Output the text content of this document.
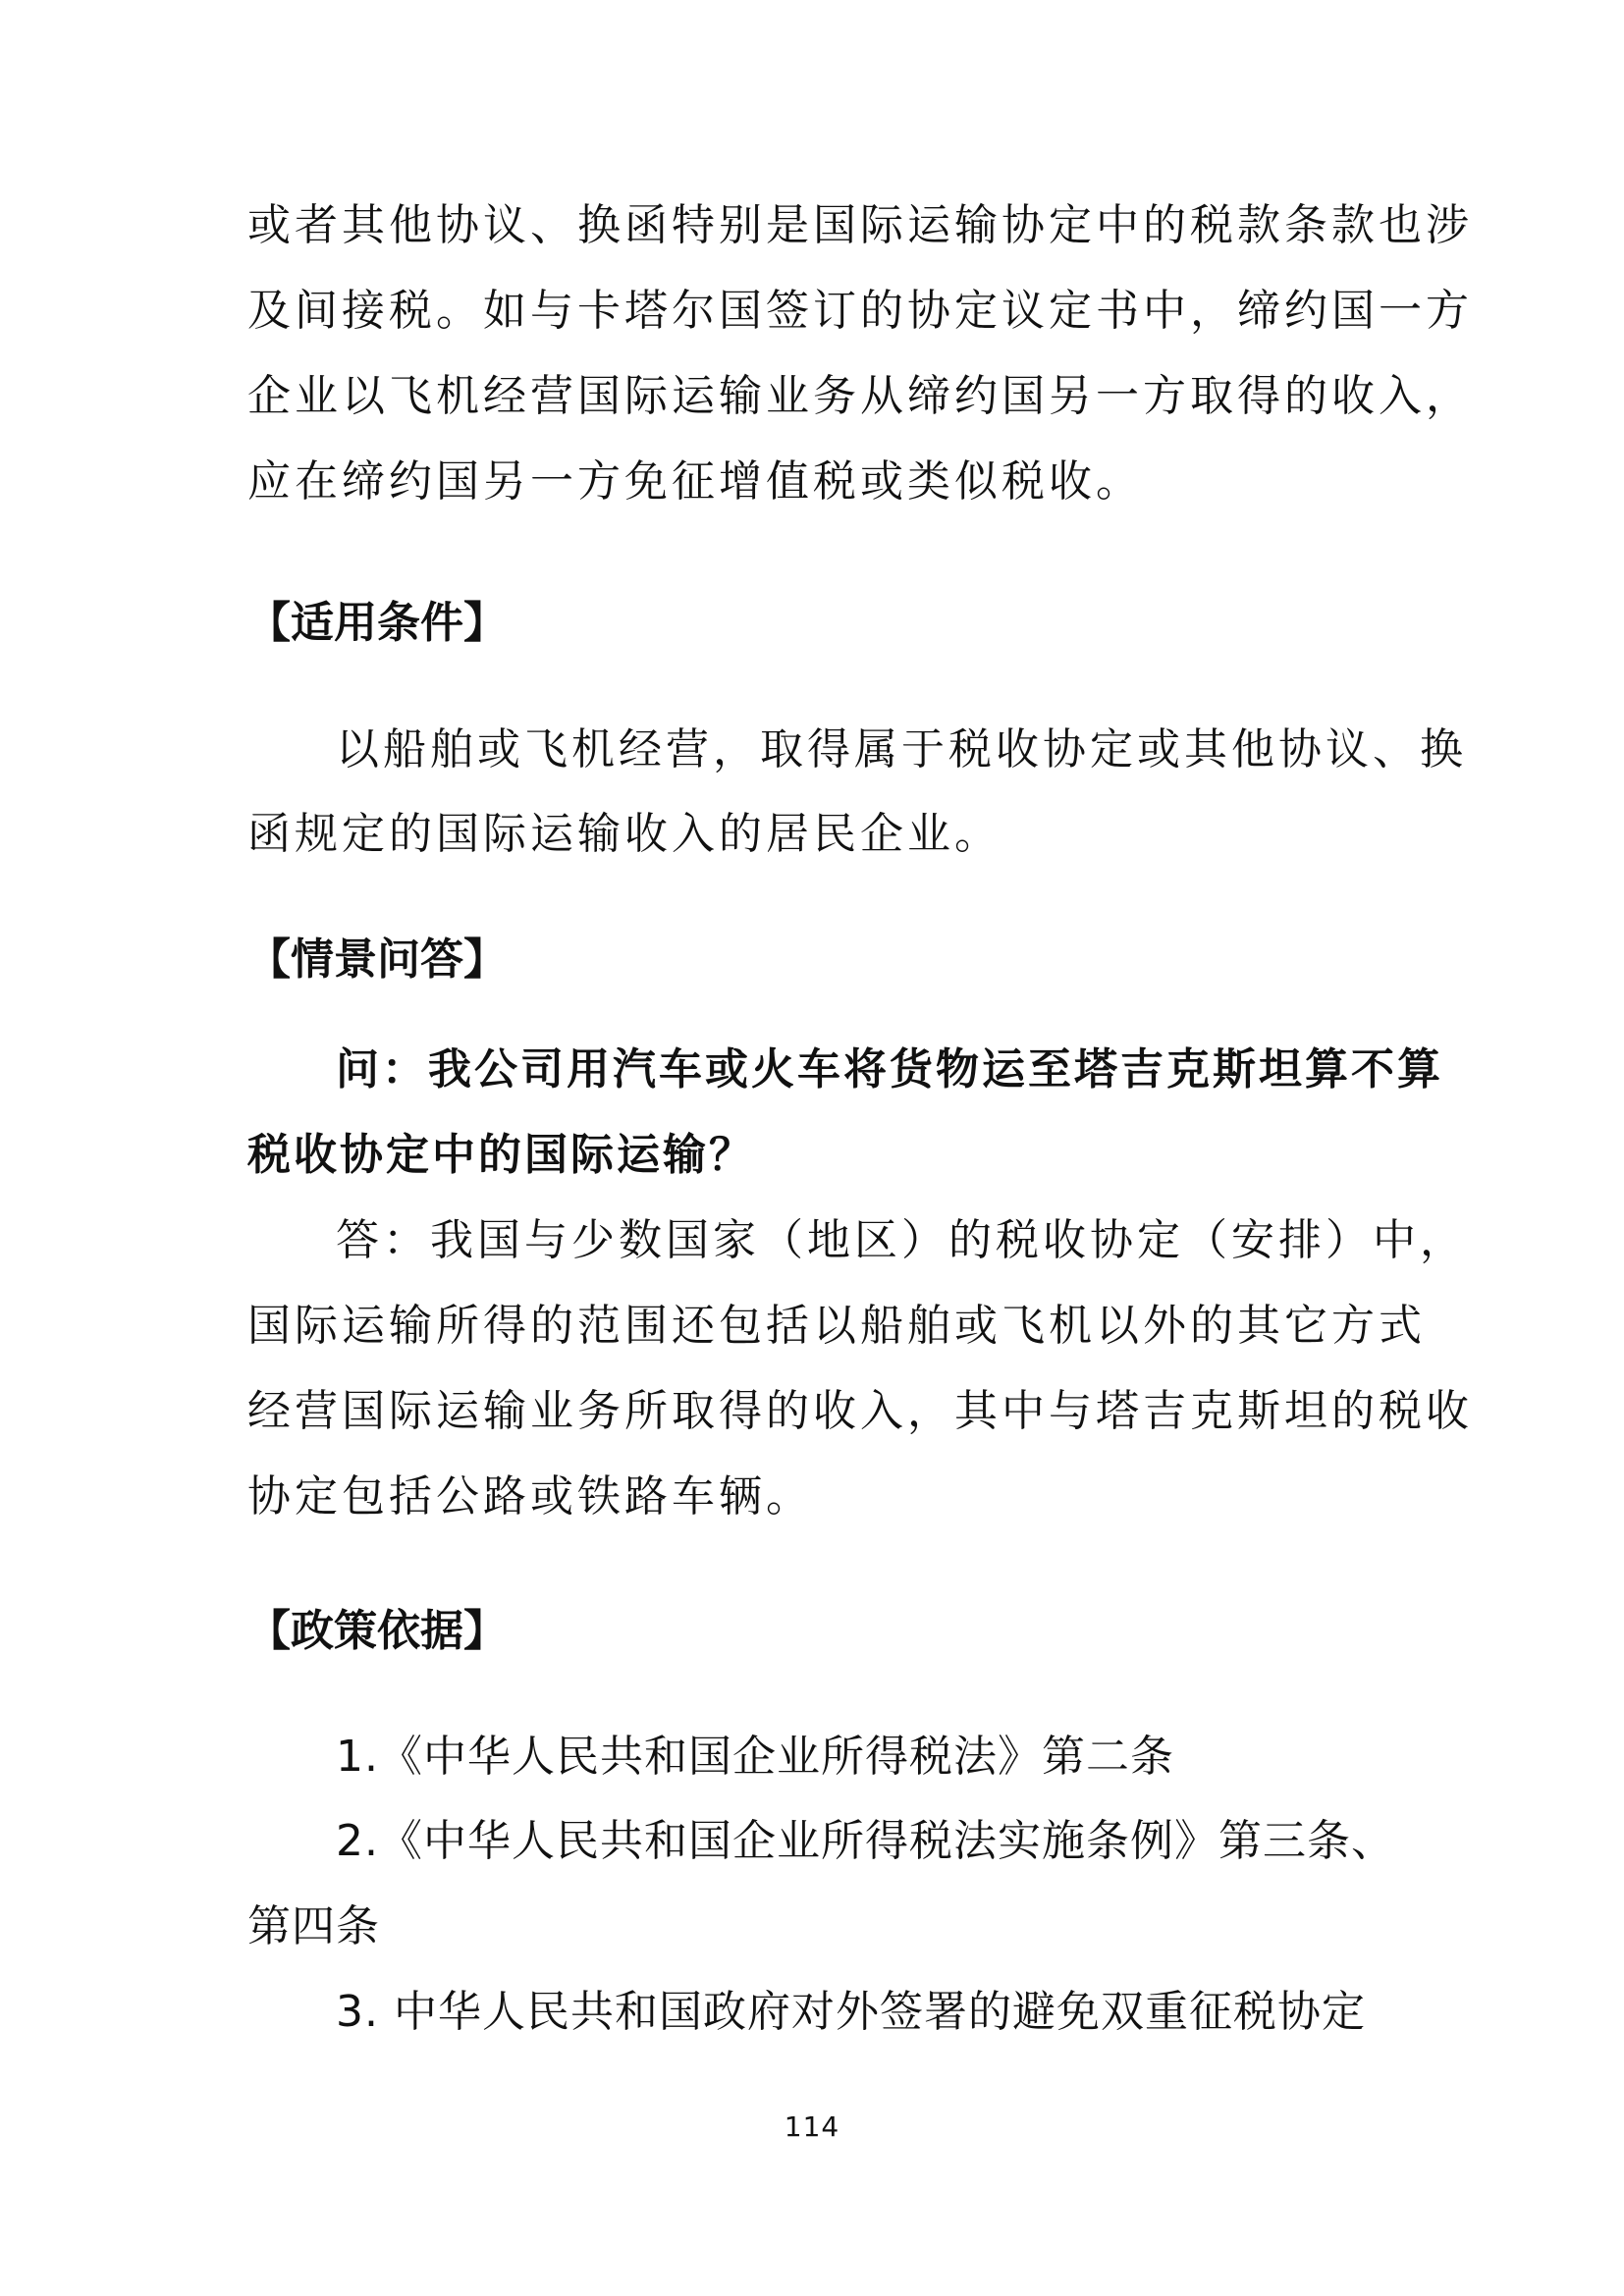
或者其他协议、换函特别是国际运输协定中的税款条款也涉

及间接税。如与卡塔尔国签订的协定议定书中，缔约国一方

企业以飞机经营国际运输业务从缔约国另一方取得的收入，

应在缔约国另一方免征增值税或类似税收。

【适用条件】

以船舶或飞机经营，取得属于税收协定或其他协议、换

函规定的国际运输收入的居民企业。

【情景问答】

问：我公司用汽车或火车将货物运至塔吉克斯坦算不算

税收协定中的国际运输？

答：我国与少数国家（地区）的税收协定（安排）中，

国际运输所得的范围还包括以船舶或飞机以外的其它方式

经营国际运输业务所取得的收入，其中与塔吉克斯坦的税收

协定包括公路或铁路车辆。

【政策依据】

1.《中华人民共和国企业所得税法》第二条

2.《中华人民共和国企业所得税法实施条例》第三条、

第四条

3. 中华人民共和国政府对外签署的避免双重征税协定

114
